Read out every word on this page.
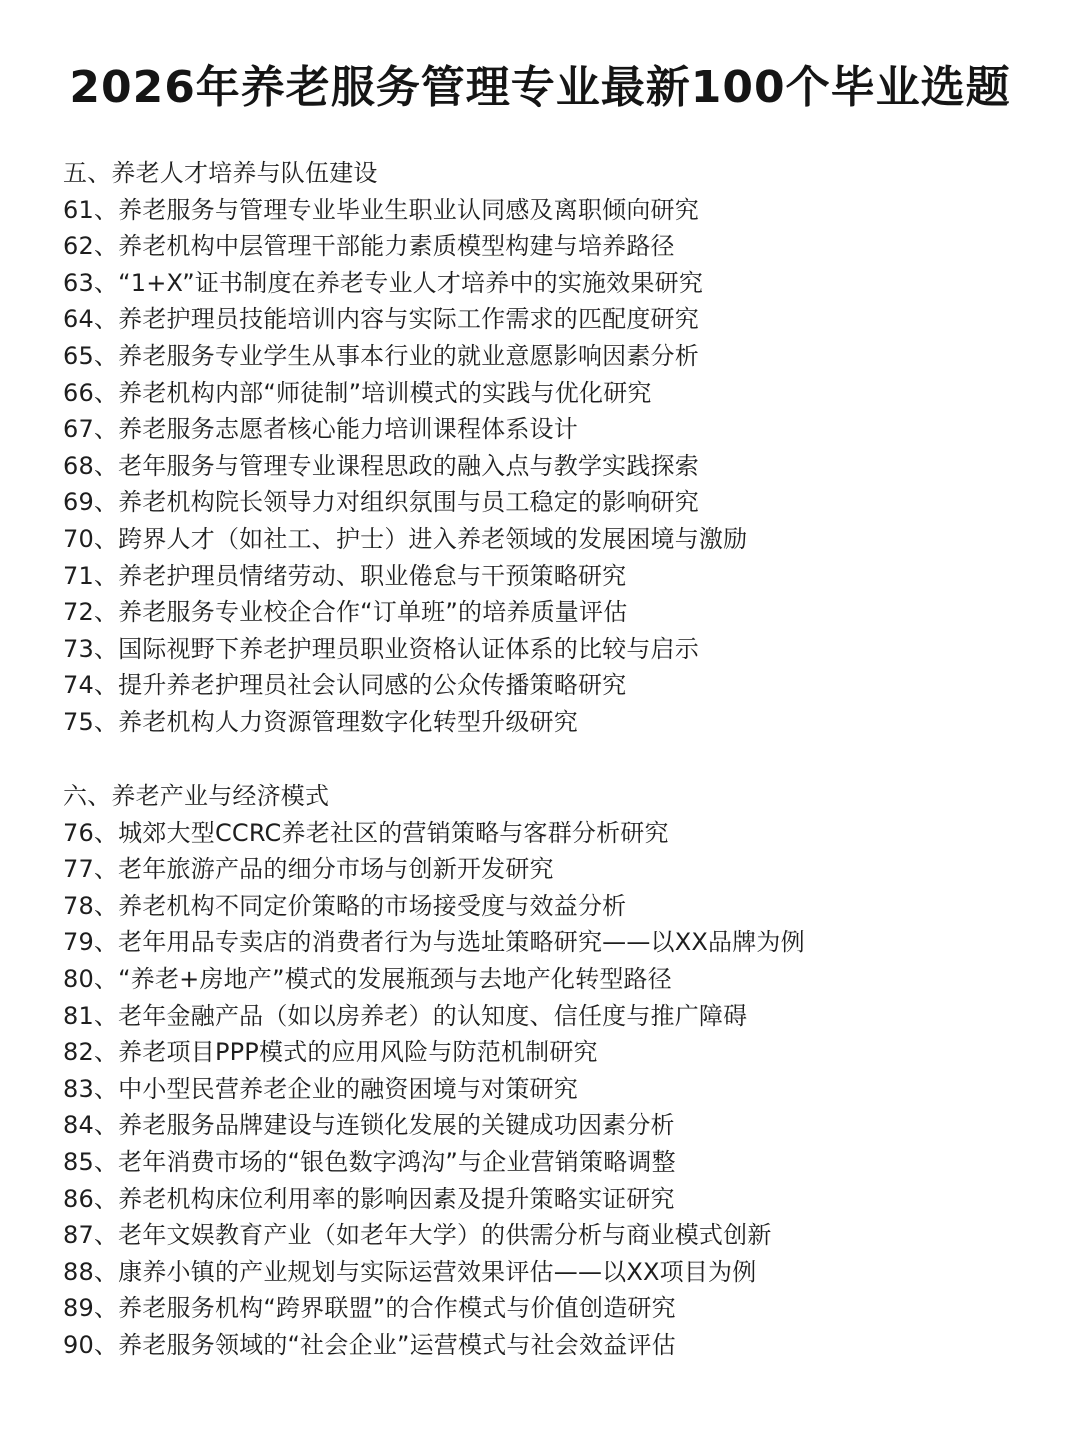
2026年养老服务管理专业最新100个毕业选题
五、养老人才培养与队伍建设
61、养老服务与管理专业毕业生职业认同感及离职倾向研究
62、养老机构中层管理干部能力素质模型构建与培养路径
63、“1+X”证书制度在养老专业人才培养中的实施效果研究
64、养老护理员技能培训内容与实际工作需求的匹配度研究
65、养老服务专业学生从事本行业的就业意愿影响因素分析
66、养老机构内部“师徒制”培训模式的实践与优化研究
67、养老服务志愿者核心能力培训课程体系设计
68、老年服务与管理专业课程思政的融入点与教学实践探索
69、养老机构院长领导力对组织氛围与员工稳定的影响研究
70、跨界人才（如社工、护士）进入养老领域的发展困境与激励
71、养老护理员情绪劳动、职业倦怠与干预策略研究
72、养老服务专业校企合作“订单班”的培养质量评估
73、国际视野下养老护理员职业资格认证体系的比较与启示
74、提升养老护理员社会认同感的公众传播策略研究
75、养老机构人力资源管理数字化转型升级研究
六、养老产业与经济模式
76、城郊大型CCRC养老社区的营销策略与客群分析研究
77、老年旅游产品的细分市场与创新开发研究
78、养老机构不同定价策略的市场接受度与效益分析
79、老年用品专卖店的消费者行为与选址策略研究——以XX品牌为例
80、“养老+房地产”模式的发展瓶颈与去地产化转型路径
81、老年金融产品（如以房养老）的认知度、信任度与推广障碍
82、养老项目PPP模式的应用风险与防范机制研究
83、中小型民营养老企业的融资困境与对策研究
84、养老服务品牌建设与连锁化发展的关键成功因素分析
85、老年消费市场的“银色数字鸿沟”与企业营销策略调整
86、养老机构床位利用率的影响因素及提升策略实证研究
87、老年文娱教育产业（如老年大学）的供需分析与商业模式创新
88、康养小镇的产业规划与实际运营效果评估——以XX项目为例
89、养老服务机构“跨界联盟”的合作模式与价值创造研究
90、养老服务领域的“社会企业”运营模式与社会效益评估
